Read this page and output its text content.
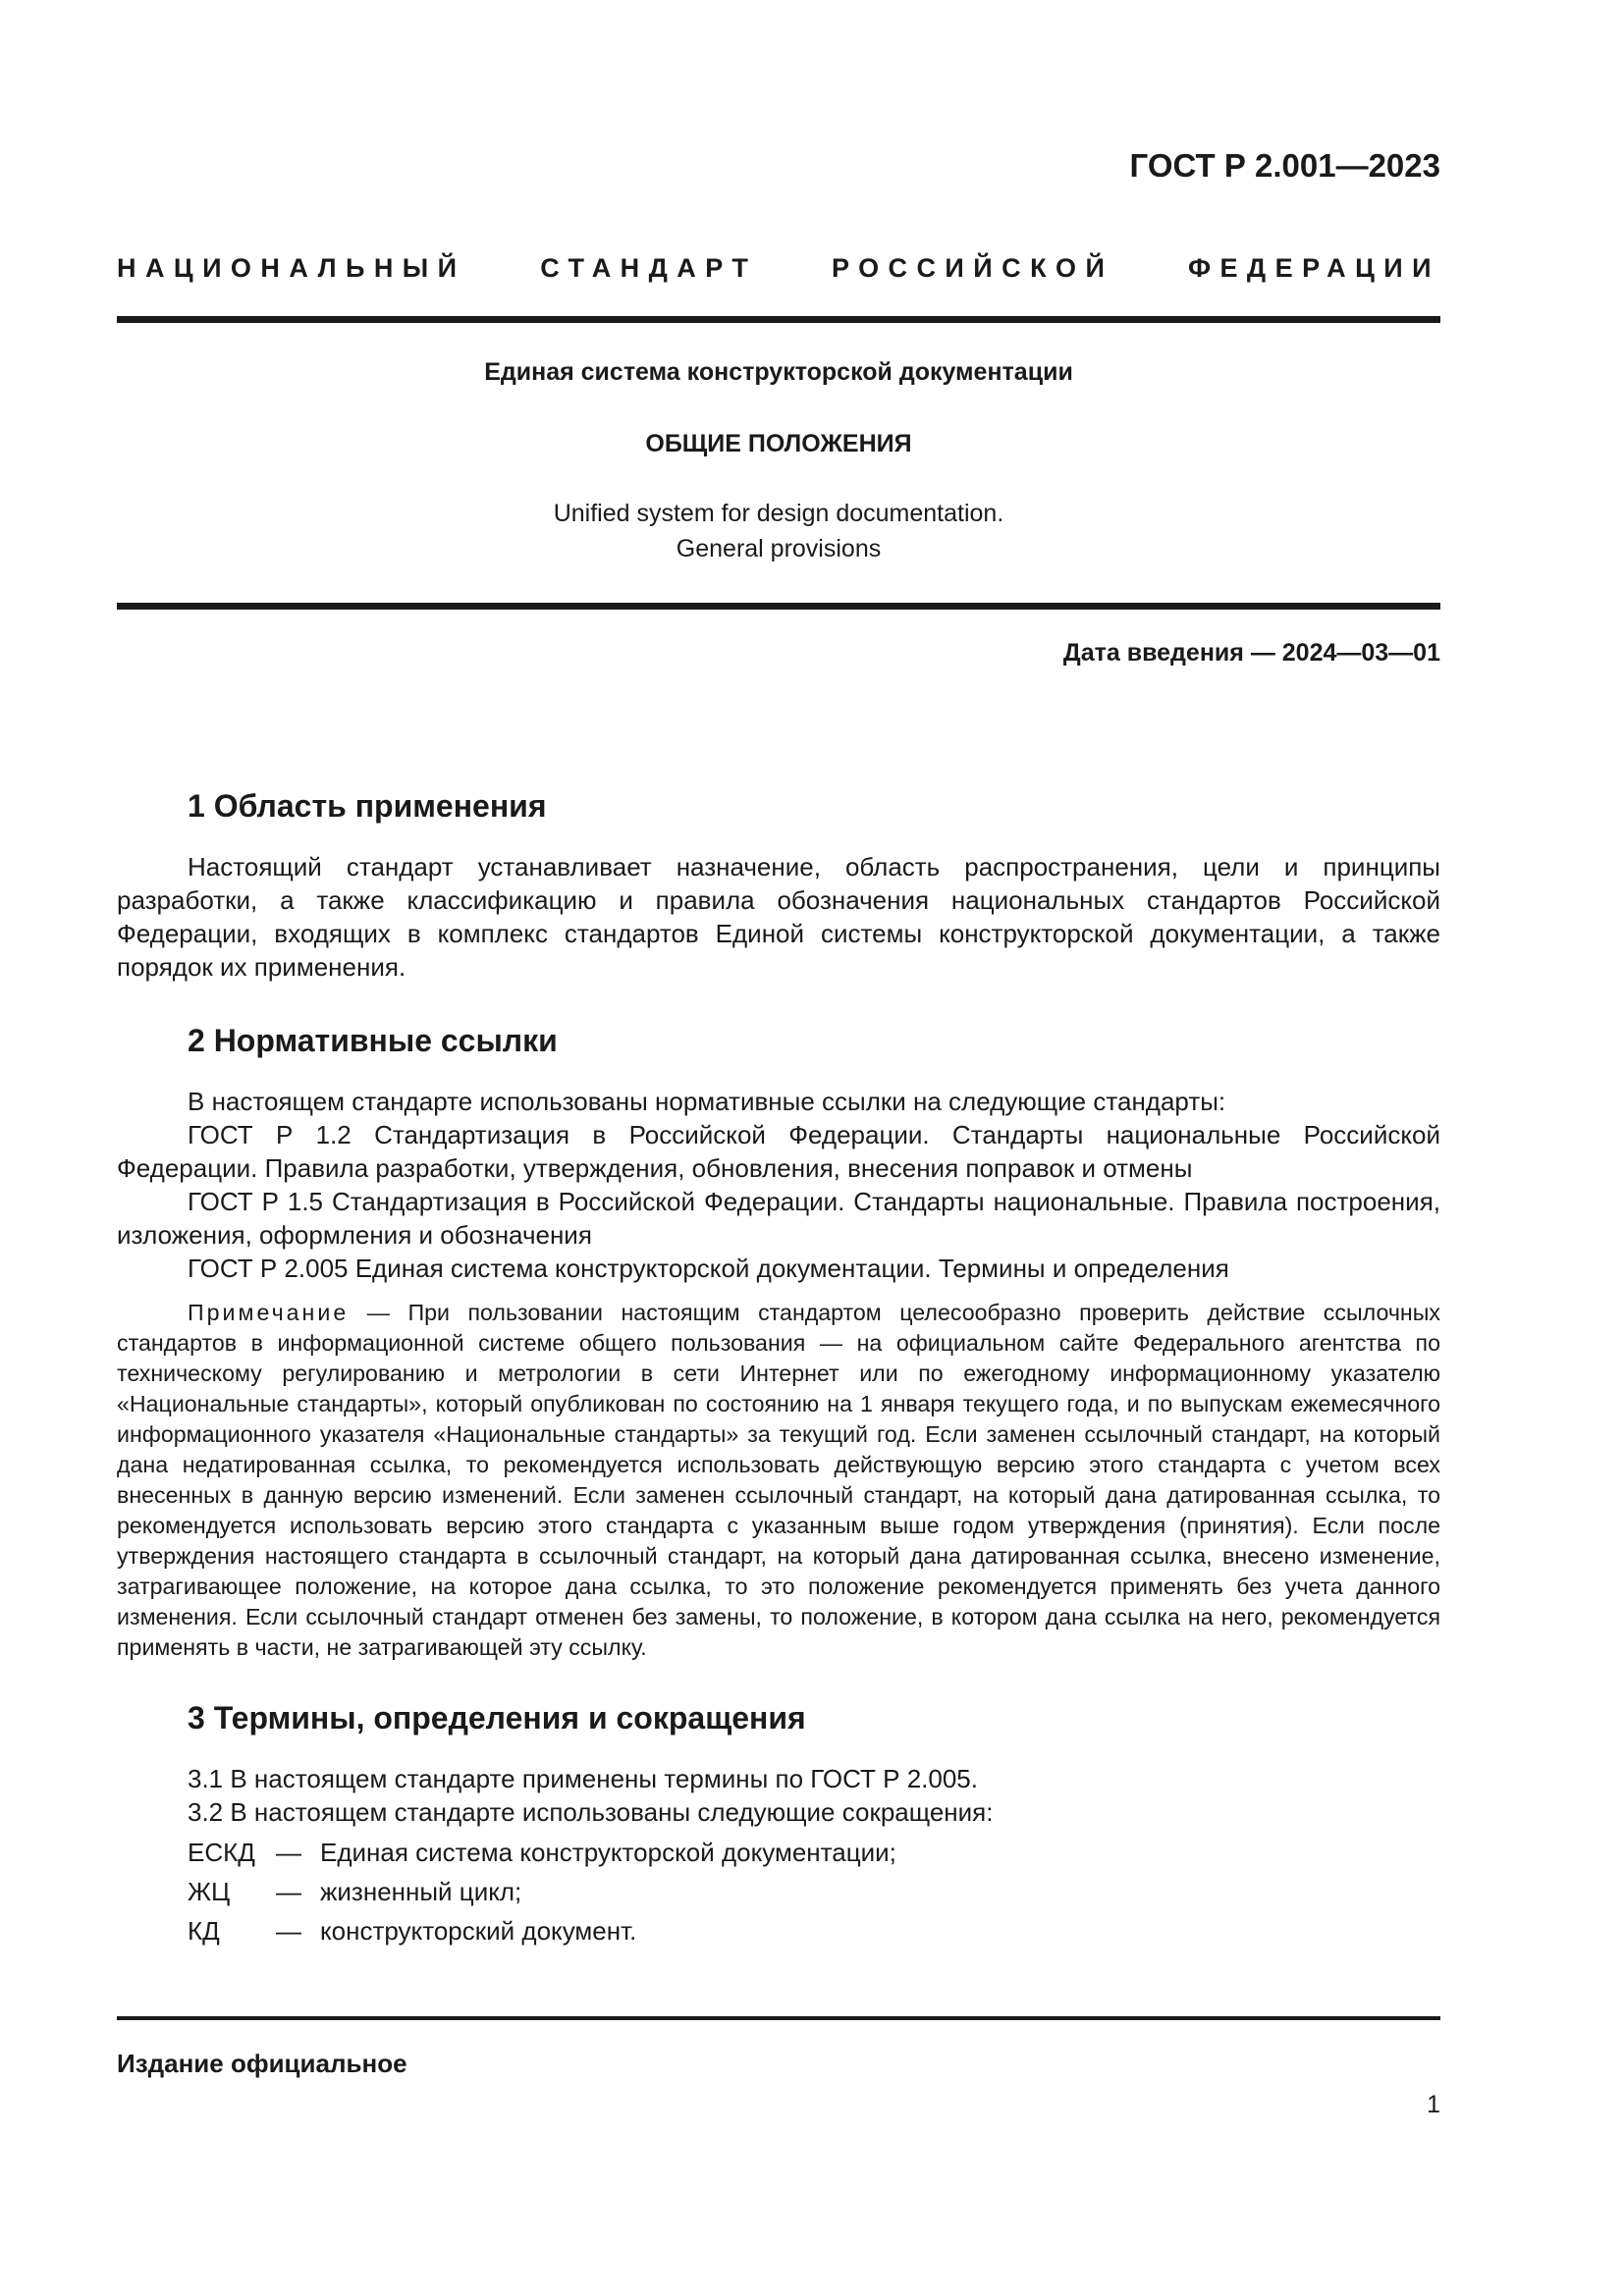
ГОСТ Р 2.001—2023
НАЦИОНАЛЬНЫЙ СТАНДАРТ РОССИЙСКОЙ ФЕДЕРАЦИИ
Единая система конструкторской документации
ОБЩИЕ ПОЛОЖЕНИЯ
Unified system for design documentation.
General provisions
Дата введения — 2024—03—01
1 Область применения

Настоящий стандарт устанавливает назначение, область распространения, цели и принципы разработки, а также классификацию и правила обозначения национальных стандартов Российской Федерации, входящих в комплекс стандартов Единой системы конструкторской документации, а также порядок их применения.

2 Нормативные ссылки

В настоящем стандарте использованы нормативные ссылки на следующие стандарты:

ГОСТ Р 1.2 Стандартизация в Российской Федерации. Стандарты национальные Российской Федерации. Правила разработки, утверждения, обновления, внесения поправок и отмены

ГОСТ Р 1.5 Стандартизация в Российской Федерации. Стандарты национальные. Правила построения, изложения, оформления и обозначения

ГОСТ Р 2.005 Единая система конструкторской документации. Термины и определения

Примечание — При пользовании настоящим стандартом целесообразно проверить действие ссылочных стандартов в информационной системе общего пользования — на официальном сайте Федерального агентства по техническому регулированию и метрологии в сети Интернет или по ежегодному информационному указателю «Национальные стандарты», который опубликован по состоянию на 1 января текущего года, и по выпускам ежемесячного информационного указателя «Национальные стандарты» за текущий год. Если заменен ссылочный стандарт, на который дана недатированная ссылка, то рекомендуется использовать действующую версию этого стандарта с учетом всех внесенных в данную версию изменений. Если заменен ссылочный стандарт, на который дана датированная ссылка, то рекомендуется использовать версию этого стандарта с указанным выше годом утверждения (принятия). Если после утверждения настоящего стандарта в ссылочный стандарт, на который дана датированная ссылка, внесено изменение, затрагивающее положение, на которое дана ссылка, то это положение рекомендуется применять без учета данного изменения. Если ссылочный стандарт отменен без замены, то положение, в котором дана ссылка на него, рекомендуется применять в части, не затрагивающей эту ссылку.

3 Термины, определения и сокращения

3.1 В настоящем стандарте применены термины по ГОСТ Р 2.005.

3.2 В настоящем стандарте использованы следующие сокращения:

ЕСКД — Единая система конструкторской документации;
ЖЦ — жизненный цикл;
КД — конструкторский документ.
Издание официальное
1
